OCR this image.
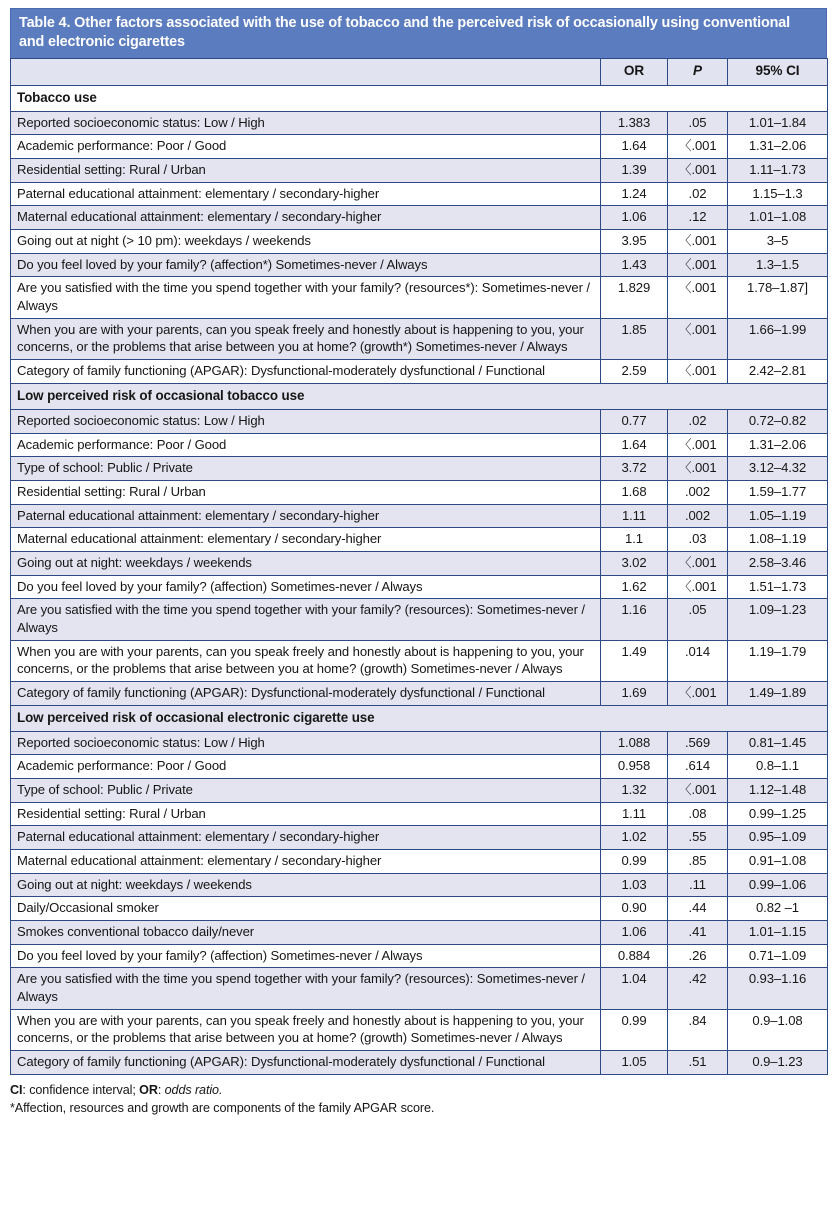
Table 4. Other factors associated with the use of tobacco and the perceived risk of occasionally using conventional and electronic cigarettes
	OR	P	95% CI
Tobacco use			
Reported socioeconomic status: Low / High	1.383	.05	1.01–1.84
Academic performance: Poor / Good	1.64	〈.001	1.31–2.06
Residential setting: Rural / Urban	1.39	〈.001	1.11–1.73
Paternal educational attainment: elementary / secondary-higher	1.24	.02	1.15–1.3
Maternal educational attainment: elementary / secondary-higher	1.06	.12	1.01–1.08
Going out at night (> 10 pm): weekdays / weekends	3.95	〈.001	3–5
Do you feel loved by your family? (affection*) Sometimes-never / Always	1.43	〈.001	1.3–1.5
Are you satisfied with the time you spend together with your family? (resources*): Sometimes-never / Always	1.829	〈.001	1.78–1.87]
When you are with your parents, can you speak freely and honestly about is happening to you, your concerns, or the problems that arise between you at home? (growth*) Sometimes-never / Always	1.85	〈.001	1.66–1.99
Category of family functioning (APGAR): Dysfunctional-moderately dysfunctional / Functional	2.59	〈.001	2.42–2.81
Low perceived risk of occasional tobacco use			
Reported socioeconomic status: Low / High	0.77	.02	0.72–0.82
Academic performance: Poor / Good	1.64	〈.001	1.31–2.06
Type of school: Public / Private	3.72	〈.001	3.12–4.32
Residential setting: Rural / Urban	1.68	.002	1.59–1.77
Paternal educational attainment: elementary / secondary-higher	1.11	.002	1.05–1.19
Maternal educational attainment: elementary / secondary-higher	1.1	.03	1.08–1.19
Going out at night: weekdays / weekends	3.02	〈.001	2.58–3.46
Do you feel loved by your family? (affection) Sometimes-never / Always	1.62	〈.001	1.51–1.73
Are you satisfied with the time you spend together with your family? (resources): Sometimes-never / Always	1.16	.05	1.09–1.23
When you are with your parents, can you speak freely and honestly about is happening to you, your concerns, or the problems that arise between you at home? (growth) Sometimes-never / Always	1.49	.014	1.19–1.79
Category of family functioning (APGAR): Dysfunctional-moderately dysfunctional / Functional	1.69	〈.001	1.49–1.89
Low perceived risk of occasional electronic cigarette use			
Reported socioeconomic status: Low / High	1.088	.569	0.81–1.45
Academic performance: Poor / Good	0.958	.614	0.8–1.1
Type of school: Public / Private	1.32	〈.001	1.12–1.48
Residential setting: Rural / Urban	1.11	.08	0.99–1.25
Paternal educational attainment: elementary / secondary-higher	1.02	.55	0.95–1.09
Maternal educational attainment: elementary / secondary-higher	0.99	.85	0.91–1.08
Going out at night: weekdays / weekends	1.03	.11	0.99–1.06
Daily/Occasional smoker	0.90	.44	0.82 –1
Smokes conventional tobacco daily/never	1.06	.41	1.01–1.15
Do you feel loved by your family? (affection) Sometimes-never / Always	0.884	.26	0.71–1.09
Are you satisfied with the time you spend together with your family? (resources): Sometimes-never / Always	1.04	.42	0.93–1.16
When you are with your parents, can you speak freely and honestly about is happening to you, your concerns, or the problems that arise between you at home? (growth) Sometimes-never / Always	0.99	.84	0.9–1.08
Category of family functioning (APGAR): Dysfunctional-moderately dysfunctional / Functional	1.05	.51	0.9–1.23
CI: confidence interval; OR: odds ratio.
*Affection, resources and growth are components of the family APGAR score.
